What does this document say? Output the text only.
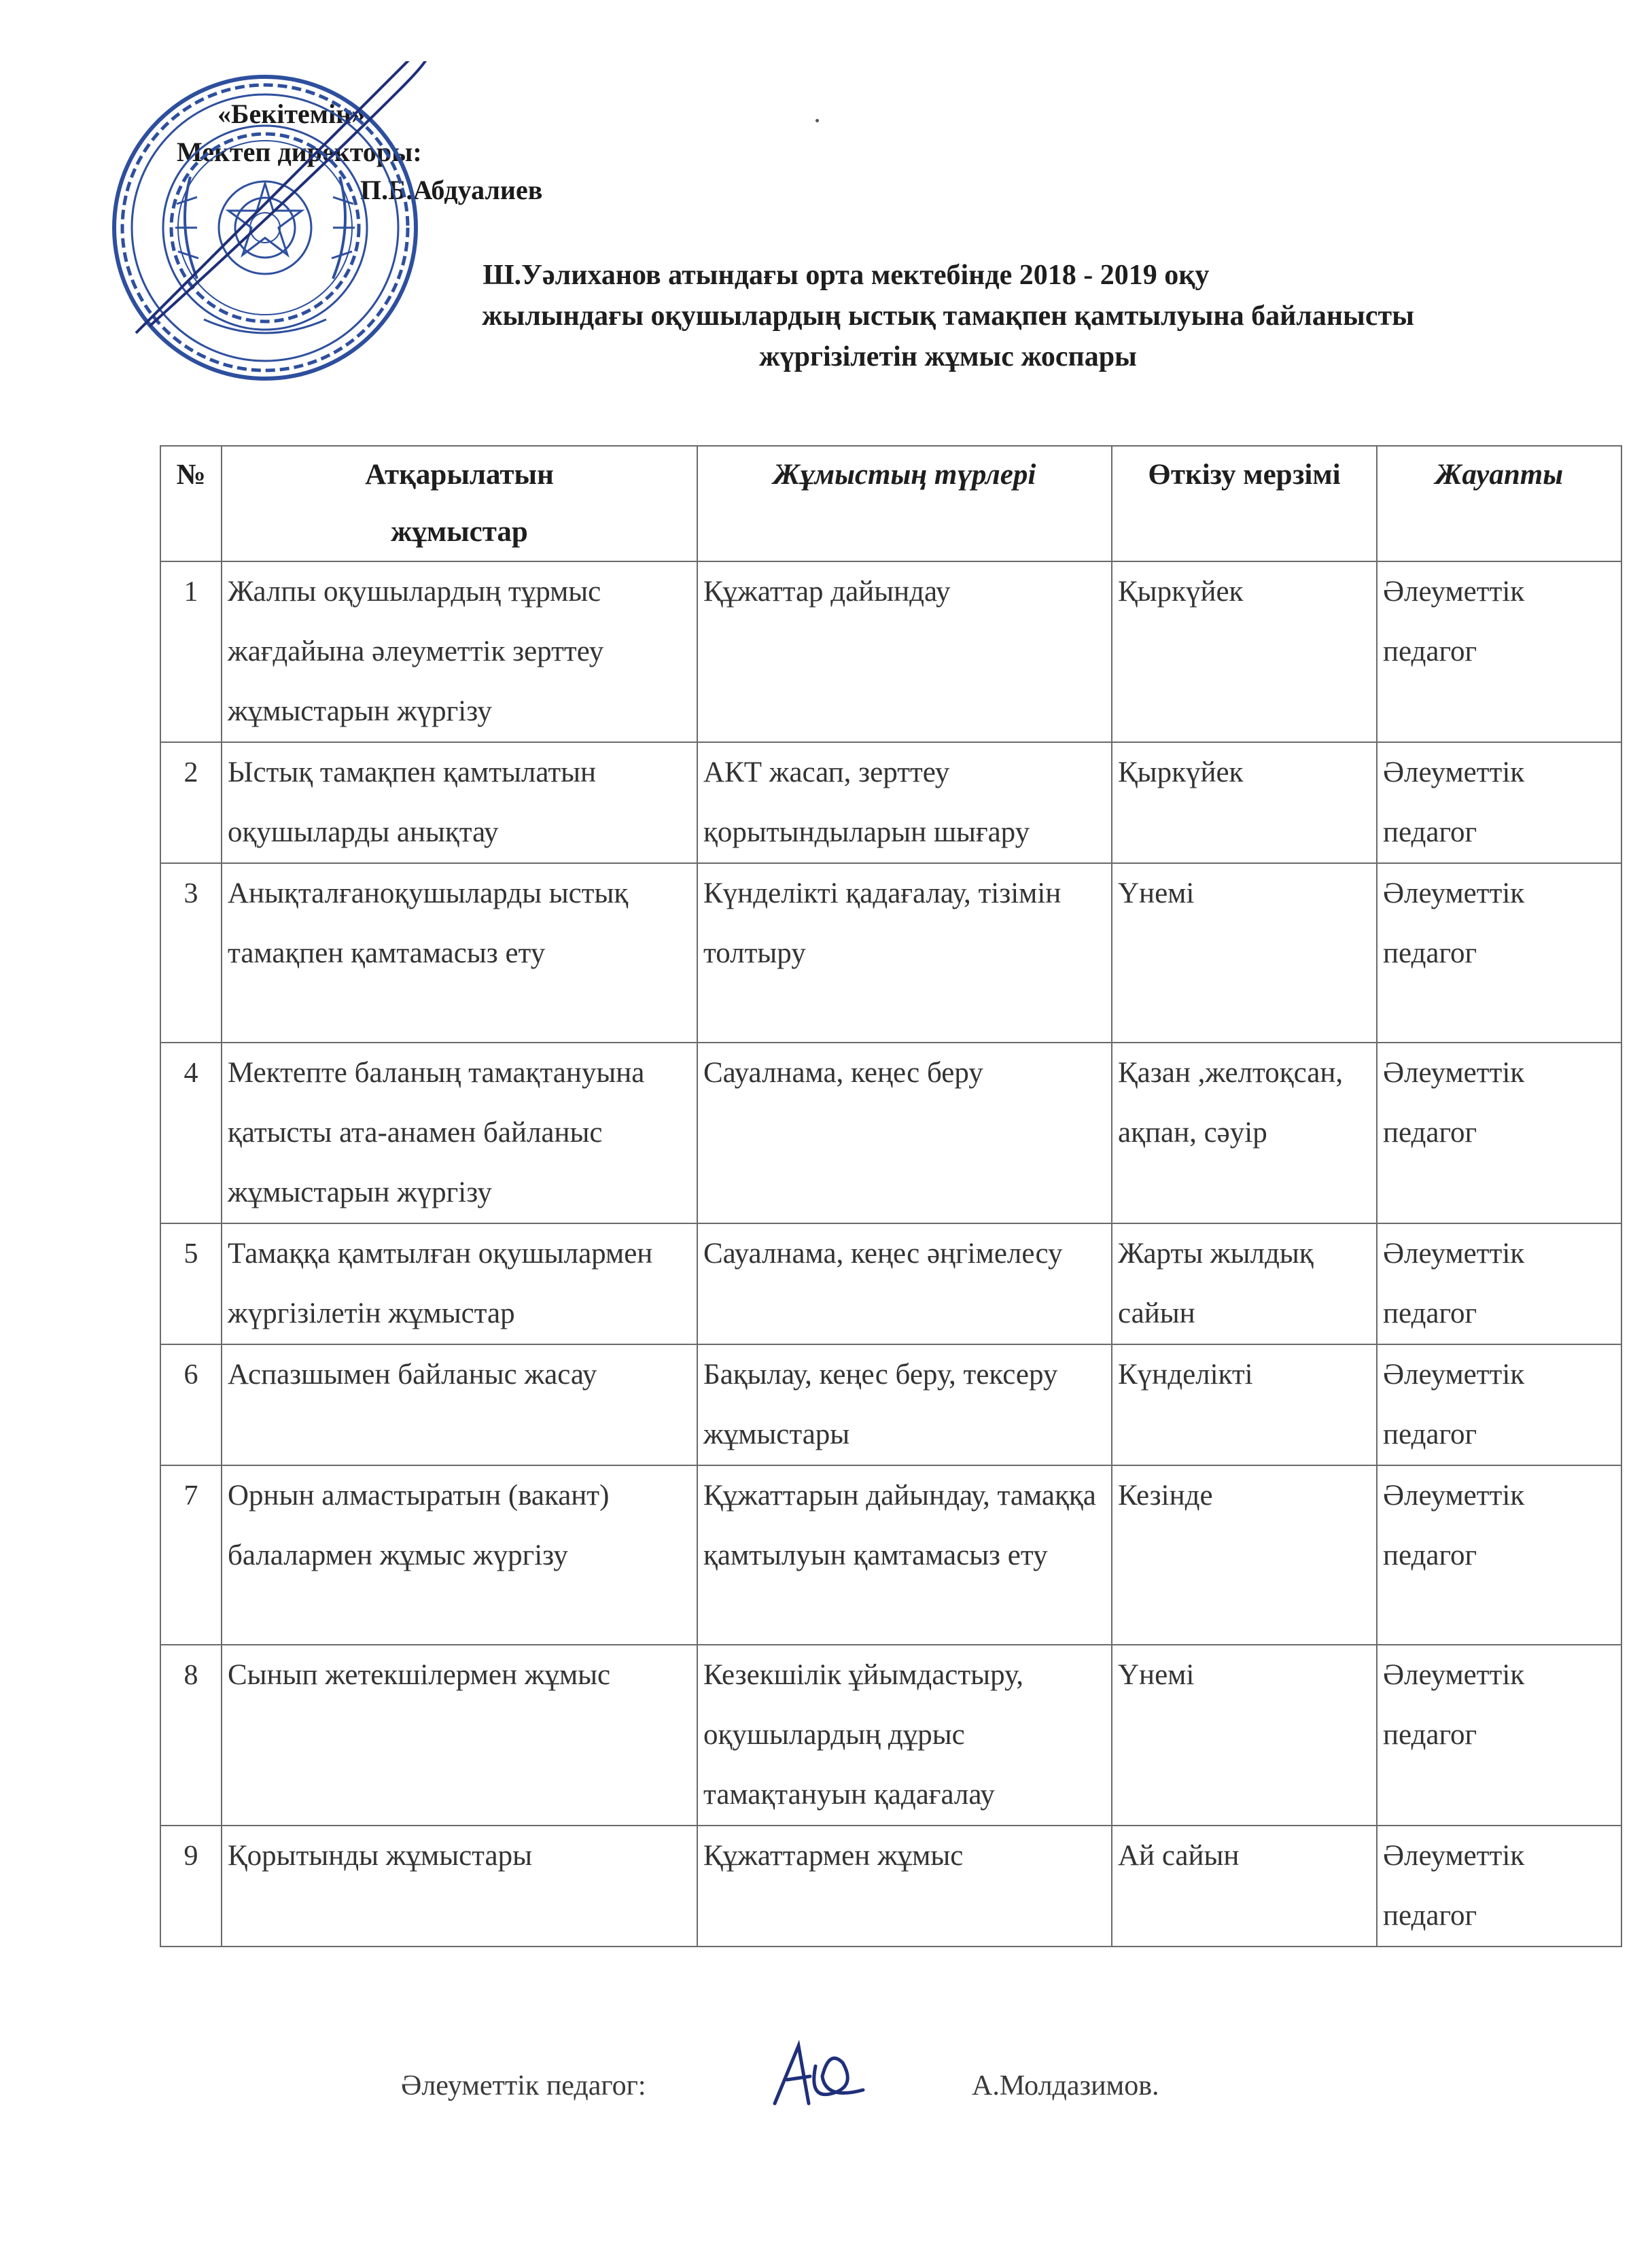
«Бекітемін»
Мектеп директоры:
П.Б.Абдуалиев
Ш.Уәлиханов атындағы орта мектебінде 2018 - 2019 оқу
жылындағы оқушылардың ыстық тамақпен қамтылуына байланысты
жүргізілетін жұмыс жоспары
№	Атқарылатын жұмыстар	Жұмыстың түрлері	Өткізу мерзімі	Жауапты
1	Жалпы оқушылардың тұрмыс жағдайына әлеуметтік зерттеу жұмыстарын жүргізу	Құжаттар дайындау	Қыркүйек	Әлеуметтік педагог
2	Ыстық тамақпен қамтылатын оқушыларды анықтау	АКТ жасап, зерттеу қорытындыларын шығару	Қыркүйек	Әлеуметтік педагог
3	Анықталғаноқушыларды ыстық тамақпен қамтамасыз ету	Күнделікті қадағалау, тізімін толтыру	Үнемі	Әлеуметтік педагог
4	Мектепте баланың тамақтануына қатысты ата-анамен байланыс жұмыстарын жүргізу	Сауалнама, кеңес беру	Қазан ,желтоқсан, ақпан, сәуір	Әлеуметтік педагог
5	Тамаққа қамтылған оқушылармен жүргізілетін жұмыстар	Сауалнама, кеңес әңгімелесу	Жарты жылдық сайын	Әлеуметтік педагог
6	Аспазшымен байланыс жасау	Бақылау, кеңес беру, тексеру жұмыстары	Күнделікті	Әлеуметтік педагог
7	Орнын алмастыратын (вакант) балалармен жұмыс жүргізу	Құжаттарын дайындау, тамаққа қамтылуын қамтамасыз ету	Кезінде	Әлеуметтік педагог
8	Сынып жетекшілермен жұмыс	Кезекшілік ұйымдастыру, оқушылардың дұрыс тамақтануын қадағалау	Үнемі	Әлеуметтік педагог
9	Қорытынды жұмыстары	Құжаттармен жұмыс	Ай сайын	Әлеуметтік педагог
Әлеуметтік педагог:	А.Молдазимов.
